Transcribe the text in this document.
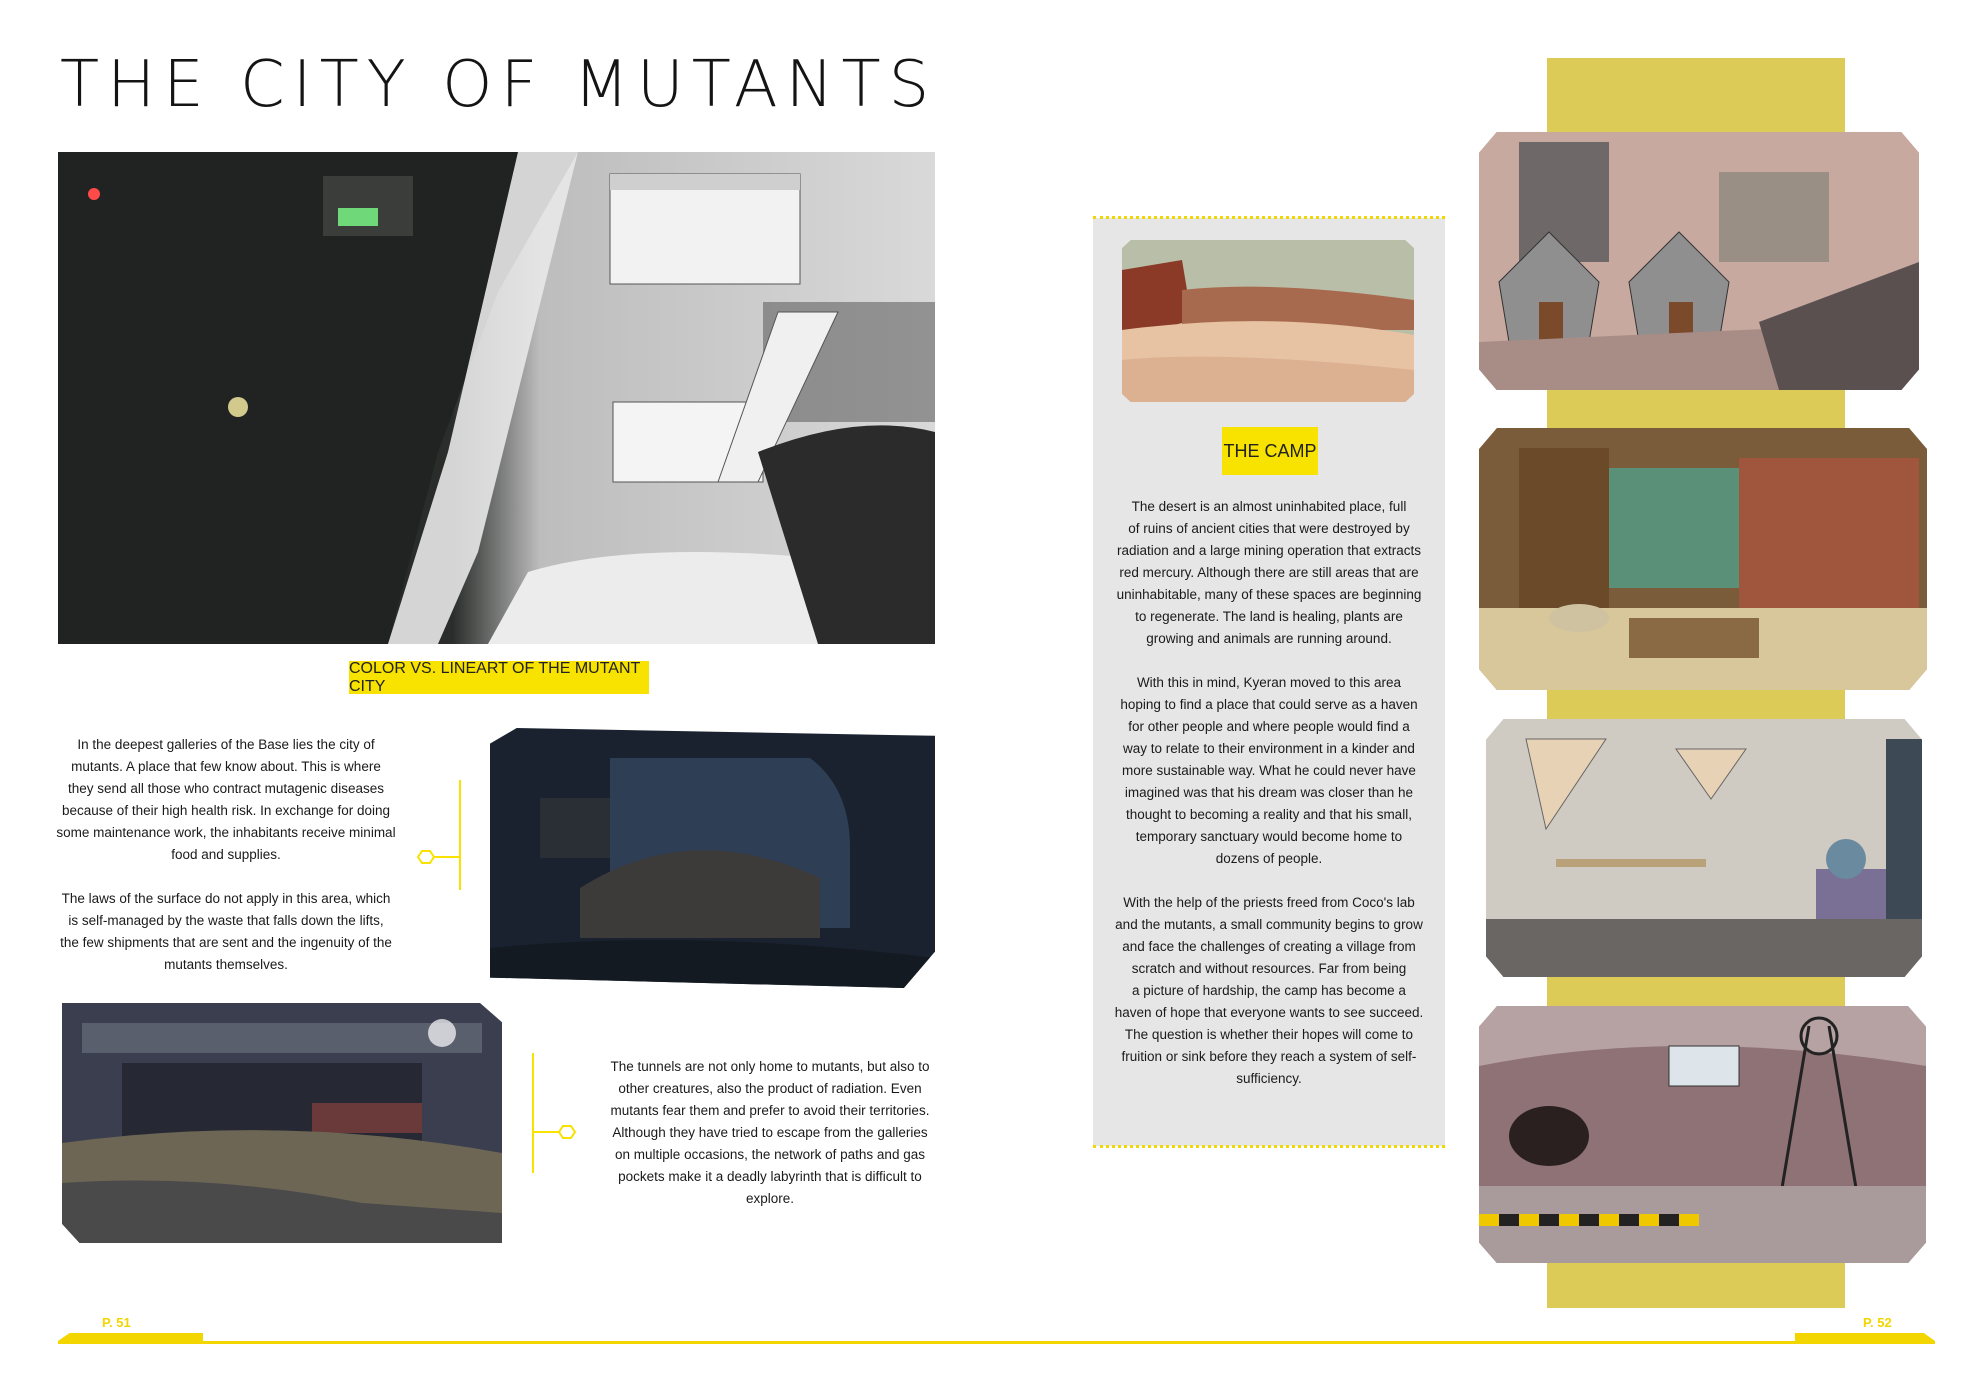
THE CITY OF MUTANTS
COLOR VS. LINEART OF THE MUTANT CITY
In the deepest galleries of the Base lies the city of
mutants. A place that few know about. This is where
they send all those who contract mutagenic diseases
because of their high health risk. In exchange for doing
some maintenance work, the inhabitants receive minimal
food and supplies.

The laws of the surface do not apply in this area, which
is self-managed by the waste that falls down the lifts,
the few shipments that are sent and the ingenuity of the
mutants themselves.
The tunnels are not only home to mutants, but also to
other creatures, also the product of radiation. Even
mutants fear them and prefer to avoid their territories.
Although they have tried to escape from the galleries
on multiple occasions, the network of paths and gas
pockets make it a deadly labyrinth that is difficult to
explore.
THE CAMP
The desert is an almost uninhabited place, full
of ruins of ancient cities that were destroyed by
radiation and a large mining operation that extracts
red mercury. Although there are still areas that are
uninhabitable, many of these spaces are beginning
to regenerate. The land is healing, plants are
growing and animals are running around.

With this in mind, Kyeran moved to this area
hoping to find a place that could serve as a haven
for other people and where people would find a
way to relate to their environment in a kinder and
more sustainable way. What he could never have
imagined was that his dream was closer than he
thought to becoming a reality and that his small,
temporary sanctuary would become home to
dozens of people.

With the help of the priests freed from Coco's lab
and the mutants, a small community begins to grow
and face the challenges of creating a village from
scratch and without resources. Far from being
a picture of hardship, the camp has become a
haven of hope that everyone wants to see succeed.
The question is whether their hopes will come to
fruition or sink before they reach a system of self-
sufficiency.
P. 51	P. 52
